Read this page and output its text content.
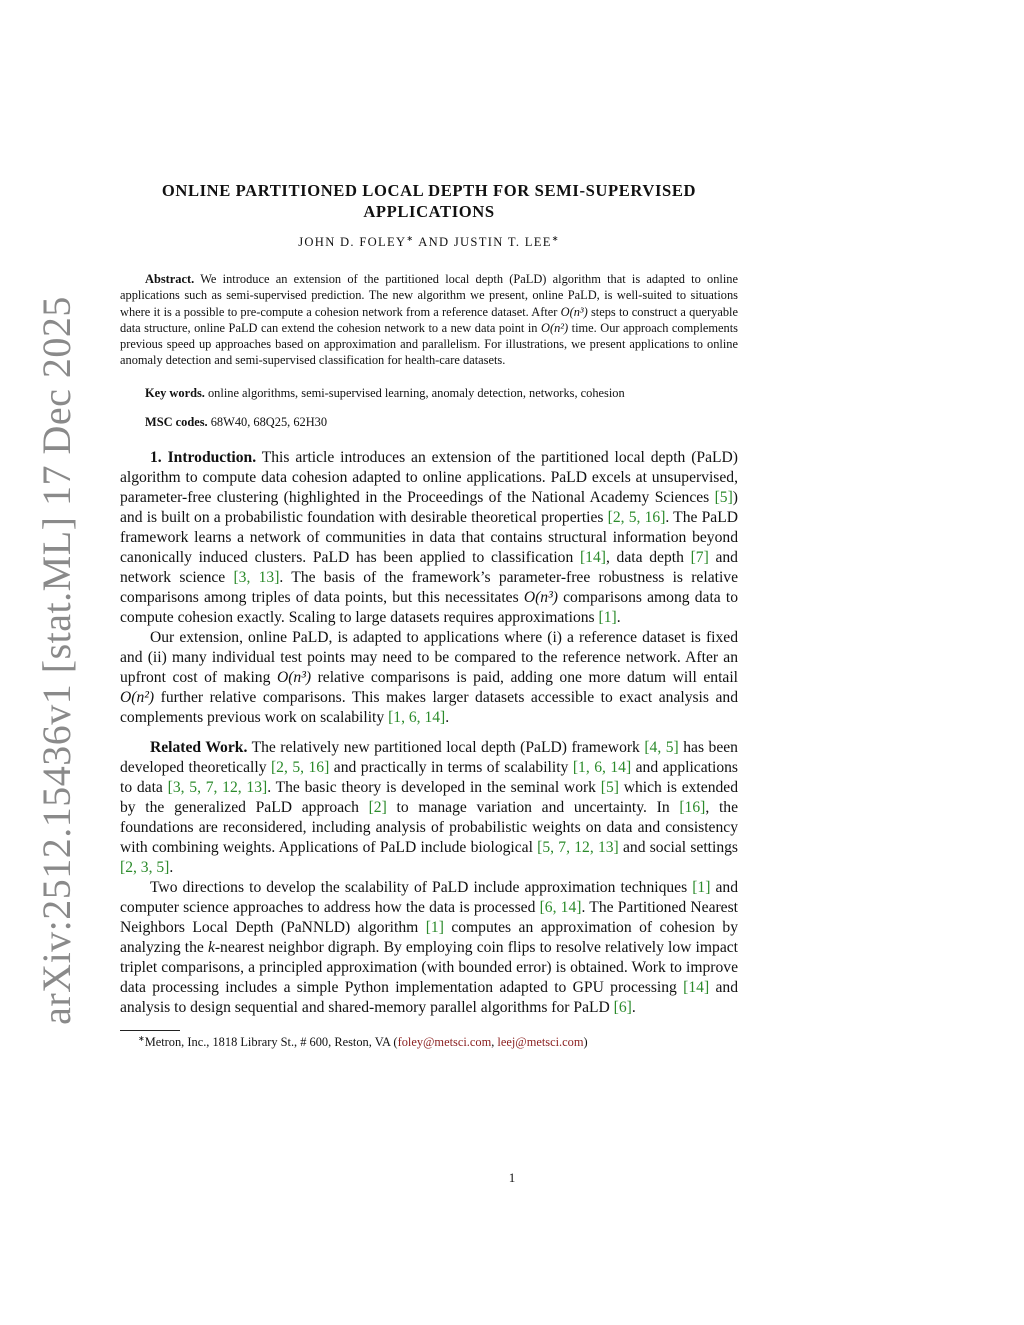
arXiv:2512.15436v1 [stat.ML] 17 Dec 2025
ONLINE PARTITIONED LOCAL DEPTH FOR SEMI-SUPERVISED
APPLICATIONS
JOHN D. FOLEY∗ AND JUSTIN T. LEE∗

Abstract. We introduce an extension of the partitioned local depth (PaLD) algorithm that is adapted to online applications such as semi-supervised prediction. The new algorithm we present, online PaLD, is well-suited to situations where it is a possible to pre-compute a cohesion network from a reference dataset. After O(n³) steps to construct a queryable data structure, online PaLD can extend the cohesion network to a new data point in O(n²) time. Our approach complements previous speed up approaches based on approximation and parallelism. For illustrations, we present applications to online anomaly detection and semi-supervised classification for health-care datasets.

Key words. online algorithms, semi-supervised learning, anomaly detection, networks, cohesion
MSC codes. 68W40, 68Q25, 62H30

1. Introduction. This article introduces an extension of the partitioned local depth (PaLD) algorithm to compute data cohesion adapted to online applications. PaLD excels at unsupervised, parameter-free clustering (highlighted in the Proceedings of the National Academy Sciences [5]) and is built on a probabilistic foundation with desirable theoretical properties [2, 5, 16]. The PaLD framework learns a network of communities in data that contains structural information beyond canonically induced clusters. PaLD has been applied to classification [14], data depth [7] and network science [3, 13]. The basis of the framework’s parameter-free robustness is relative comparisons among triples of data points, but this necessitates O(n³) comparisons among data to compute cohesion exactly. Scaling to large datasets requires approximations [1].

Our extension, online PaLD, is adapted to applications where (i) a reference dataset is fixed and (ii) many individual test points may need to be compared to the reference network. After an upfront cost of making O(n³) relative comparisons is paid, adding one more datum will entail O(n²) further relative comparisons. This makes larger datasets accessible to exact analysis and complements previous work on scalability [1, 6, 14].

Related Work. The relatively new partitioned local depth (PaLD) framework [4, 5] has been developed theoretically [2, 5, 16] and practically in terms of scalability [1, 6, 14] and applications to data [3, 5, 7, 12, 13]. The basic theory is developed in the seminal work [5] which is extended by the generalized PaLD approach [2] to manage variation and uncertainty. In [16], the foundations are reconsidered, including analysis of probabilistic weights on data and consistency with combining weights. Applications of PaLD include biological [5, 7, 12, 13] and social settings [2, 3, 5].

Two directions to develop the scalability of PaLD include approximation techniques [1] and computer science approaches to address how the data is processed [6, 14]. The Partitioned Nearest Neighbors Local Depth (PaNNLD) algorithm [1] computes an approximation of cohesion by analyzing the k-nearest neighbor digraph. By employing coin flips to resolve relatively low impact triplet comparisons, a principled approximation (with bounded error) is obtained. Work to improve data processing includes a simple Python implementation adapted to GPU processing [14] and analysis to design sequential and shared-memory parallel algorithms for PaLD [6].

∗Metron, Inc., 1818 Library St., # 600, Reston, VA (foley@metsci.com, leej@metsci.com)
1
